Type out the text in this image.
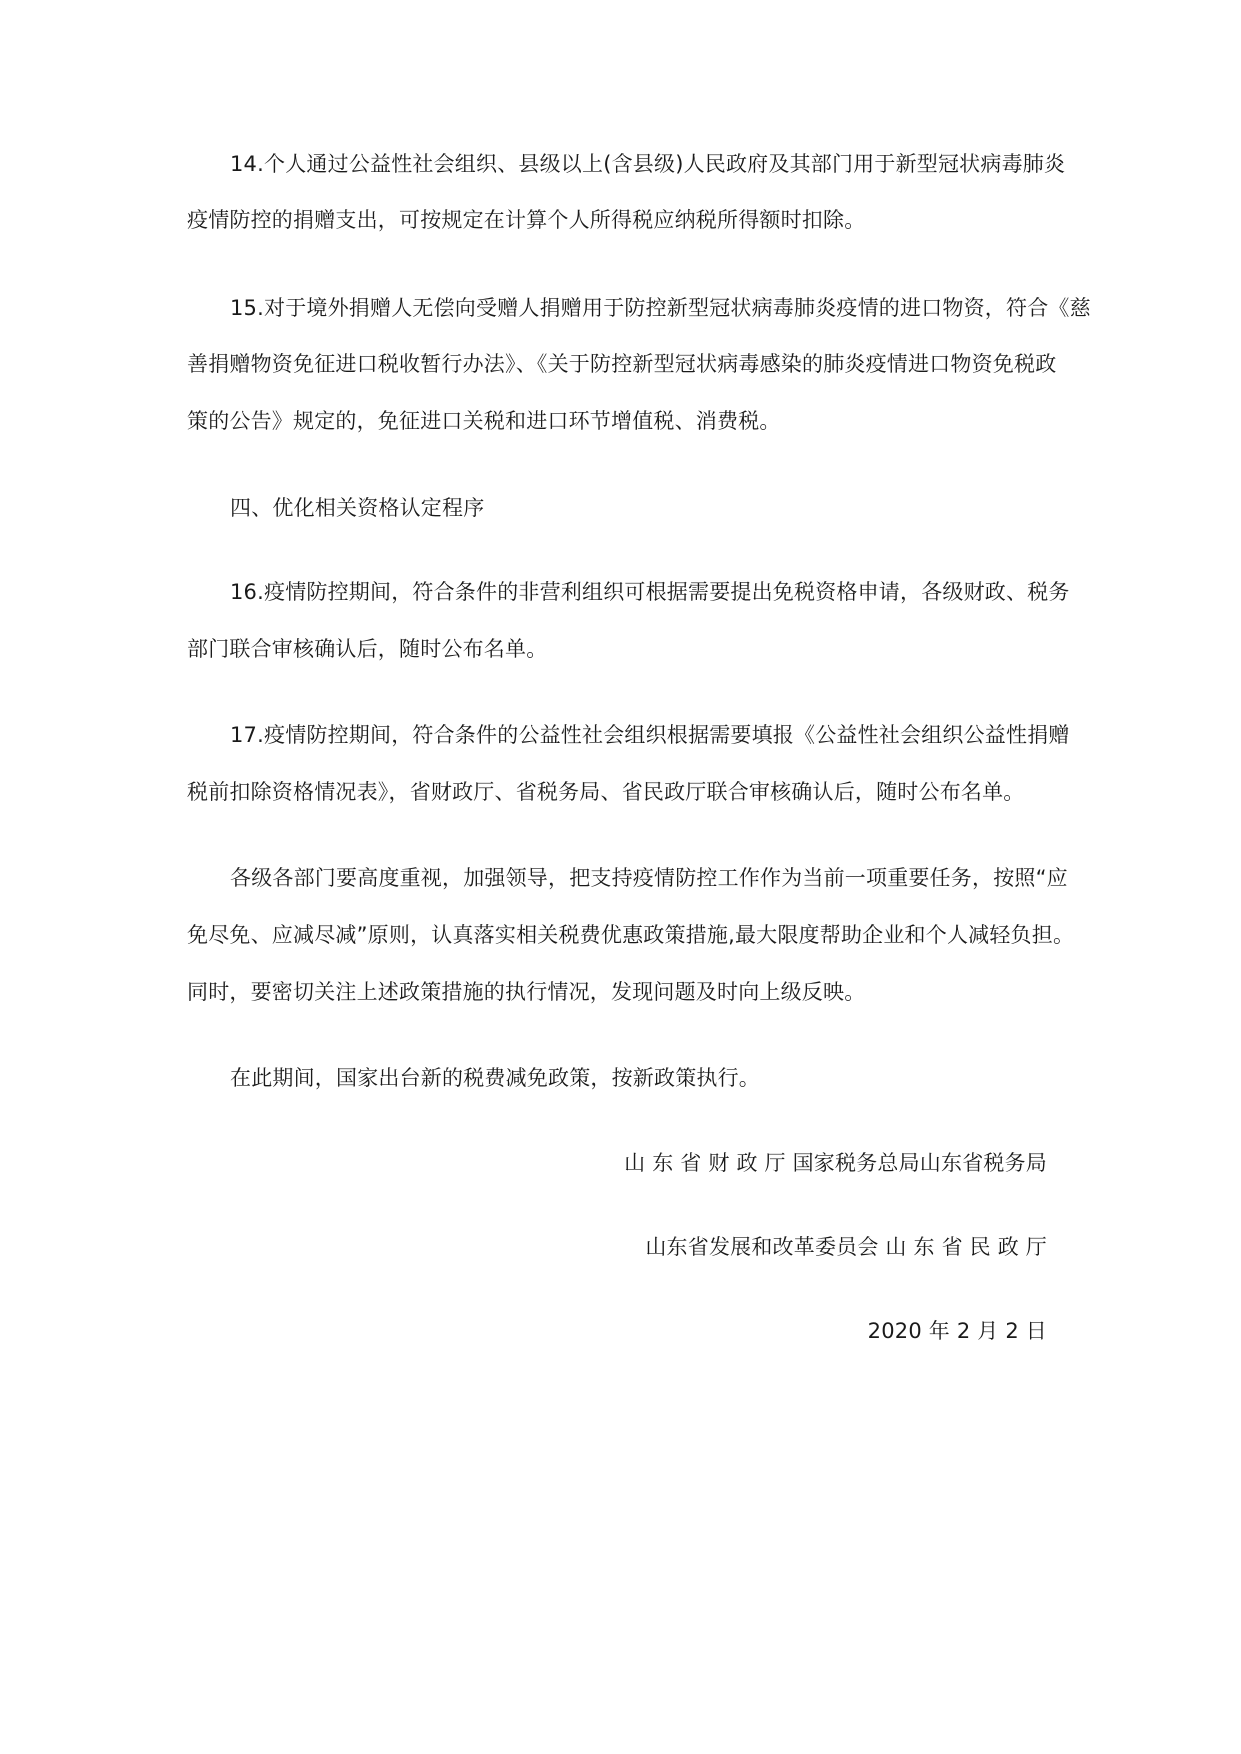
14.个人通过公益性社会组织、县级以上(含县级)人民政府及其部门用于新型冠状病毒肺炎
疫情防控的捐赠支出，可按规定在计算个人所得税应纳税所得额时扣除。
15.对于境外捐赠人无偿向受赠人捐赠用于防控新型冠状病毒肺炎疫情的进口物资，符合《慈
善捐赠物资免征进口税收暂行办法》、《关于防控新型冠状病毒感染的肺炎疫情进口物资免税政
策的公告》规定的，免征进口关税和进口环节增值税、消费税。
四、优化相关资格认定程序
16.疫情防控期间，符合条件的非营利组织可根据需要提出免税资格申请，各级财政、税务
部门联合审核确认后，随时公布名单。
17.疫情防控期间，符合条件的公益性社会组织根据需要填报《公益性社会组织公益性捐赠
税前扣除资格情况表》，省财政厅、省税务局、省民政厅联合审核确认后，随时公布名单。
各级各部门要高度重视，加强领导，把支持疫情防控工作作为当前一项重要任务，按照“应
免尽免、应减尽减”原则，认真落实相关税费优惠政策措施,最大限度帮助企业和个人减轻负担。
同时，要密切关注上述政策措施的执行情况，发现问题及时向上级反映。
在此期间，国家出台新的税费减免政策，按新政策执行。
山 东 省 财 政 厅 国家税务总局山东省税务局
山东省发展和改革委员会 山 东 省 民 政 厅
2020 年 2 月 2 日
